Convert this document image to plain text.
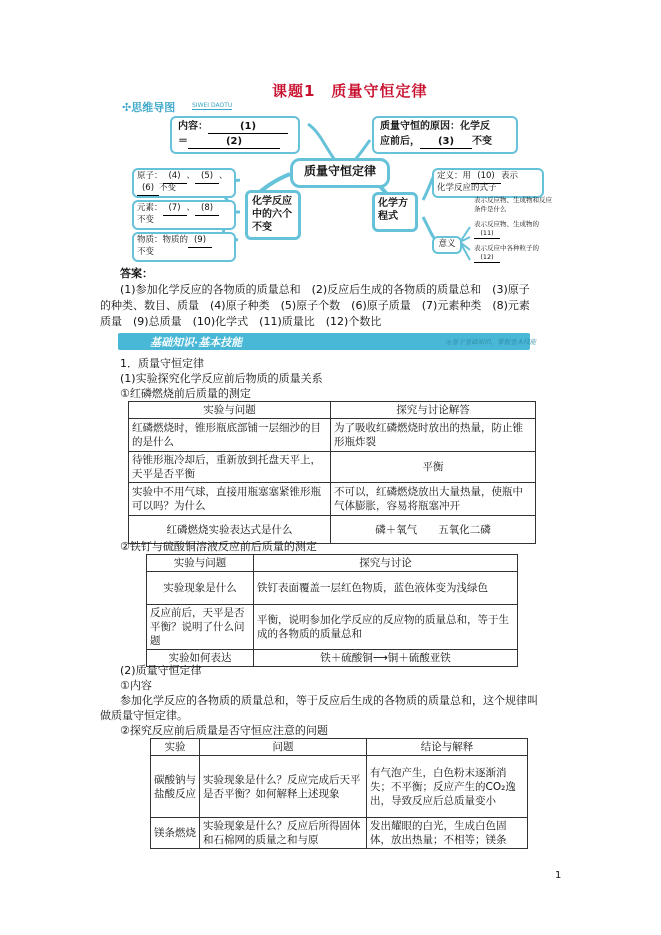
课题1　质量守恒定律
✣思维导图	SIWEI DAOTU
内容：	(1)
＝	(2)
质量守恒的原因：化学反
应前后， (3) 不变
质量守恒定律
原子： (4) 、 (5) 、
(6) 不变
元素： (7) 、 (8)
不变
物质：物质的 (9)
不变
化学反应中的六个不变
化学方程式
定义：用 (10) 表示
化学反应的式子
意义
表示反应物、生成物和反应条件是什么
表示反应物、生成物的(11)
表示反应中各种粒子的(12)
答案：
(1)参加化学反应的各物质的质量总和　(2)反应后生成的各物质的质量总和　(3)原子
的种类、数目、质量　(4)原子种类　(5)原子个数　(6)原子质量　(7)元素种类　(8)元素
质量　(9)总质量　(10)化学式　(11)质量比　(12)个数比
基础知识·基本技能	◎基于基础知识，掌握基本技能
1．质量守恒定律
(1)实验探究化学反应前后物质的质量关系
①红磷燃烧前后质量的测定
实验与问题	探究与讨论解答
红磷燃烧时，锥形瓶底部铺一层细沙的目的是什么	为了吸收红磷燃烧时放出的热量，防止锥形瓶炸裂
待锥形瓶冷却后，重新放到托盘天平上，天平是否平衡	平衡
实验中不用气球，直接用瓶塞塞紧锥形瓶可以吗？为什么	不可以，红磷燃烧放出大量热量，使瓶中气体膨胀，容易将瓶塞冲开
红磷燃烧实验表达式是什么	磷＋氧气　　五氧化二磷
②铁钉与硫酸铜溶液反应前后质量的测定
实验与问题	探究与讨论
实验现象是什么	铁钉表面覆盖一层红色物质，蓝色液体变为浅绿色
反应前后，天平是否平衡？说明了什么问题	平衡，说明参加化学反应的反应物的质量总和，等于生成的各物质的质量总和
实验如何表达	铁＋硫酸铜⟶铜＋硫酸亚铁
(2)质量守恒定律
①内容
参加化学反应的各物质的质量总和，等于反应后生成的各物质的质量总和，这个规律叫
做质量守恒定律。
②探究反应前后质量是否守恒应注意的问题
实验	问题	结论与解释
碳酸钠与盐酸反应	实验现象是什么？反应完成后天平是否平衡？如何解释上述现象	有气泡产生，白色粉末逐渐消失；不平衡；反应产生的CO₂逸出，导致反应后总质量变小
镁条燃烧	实验现象是什么？反应后所得固体和石棉网的质量之和与原	发出耀眼的白光，生成白色固体，放出热量；不相等；镁条
1
